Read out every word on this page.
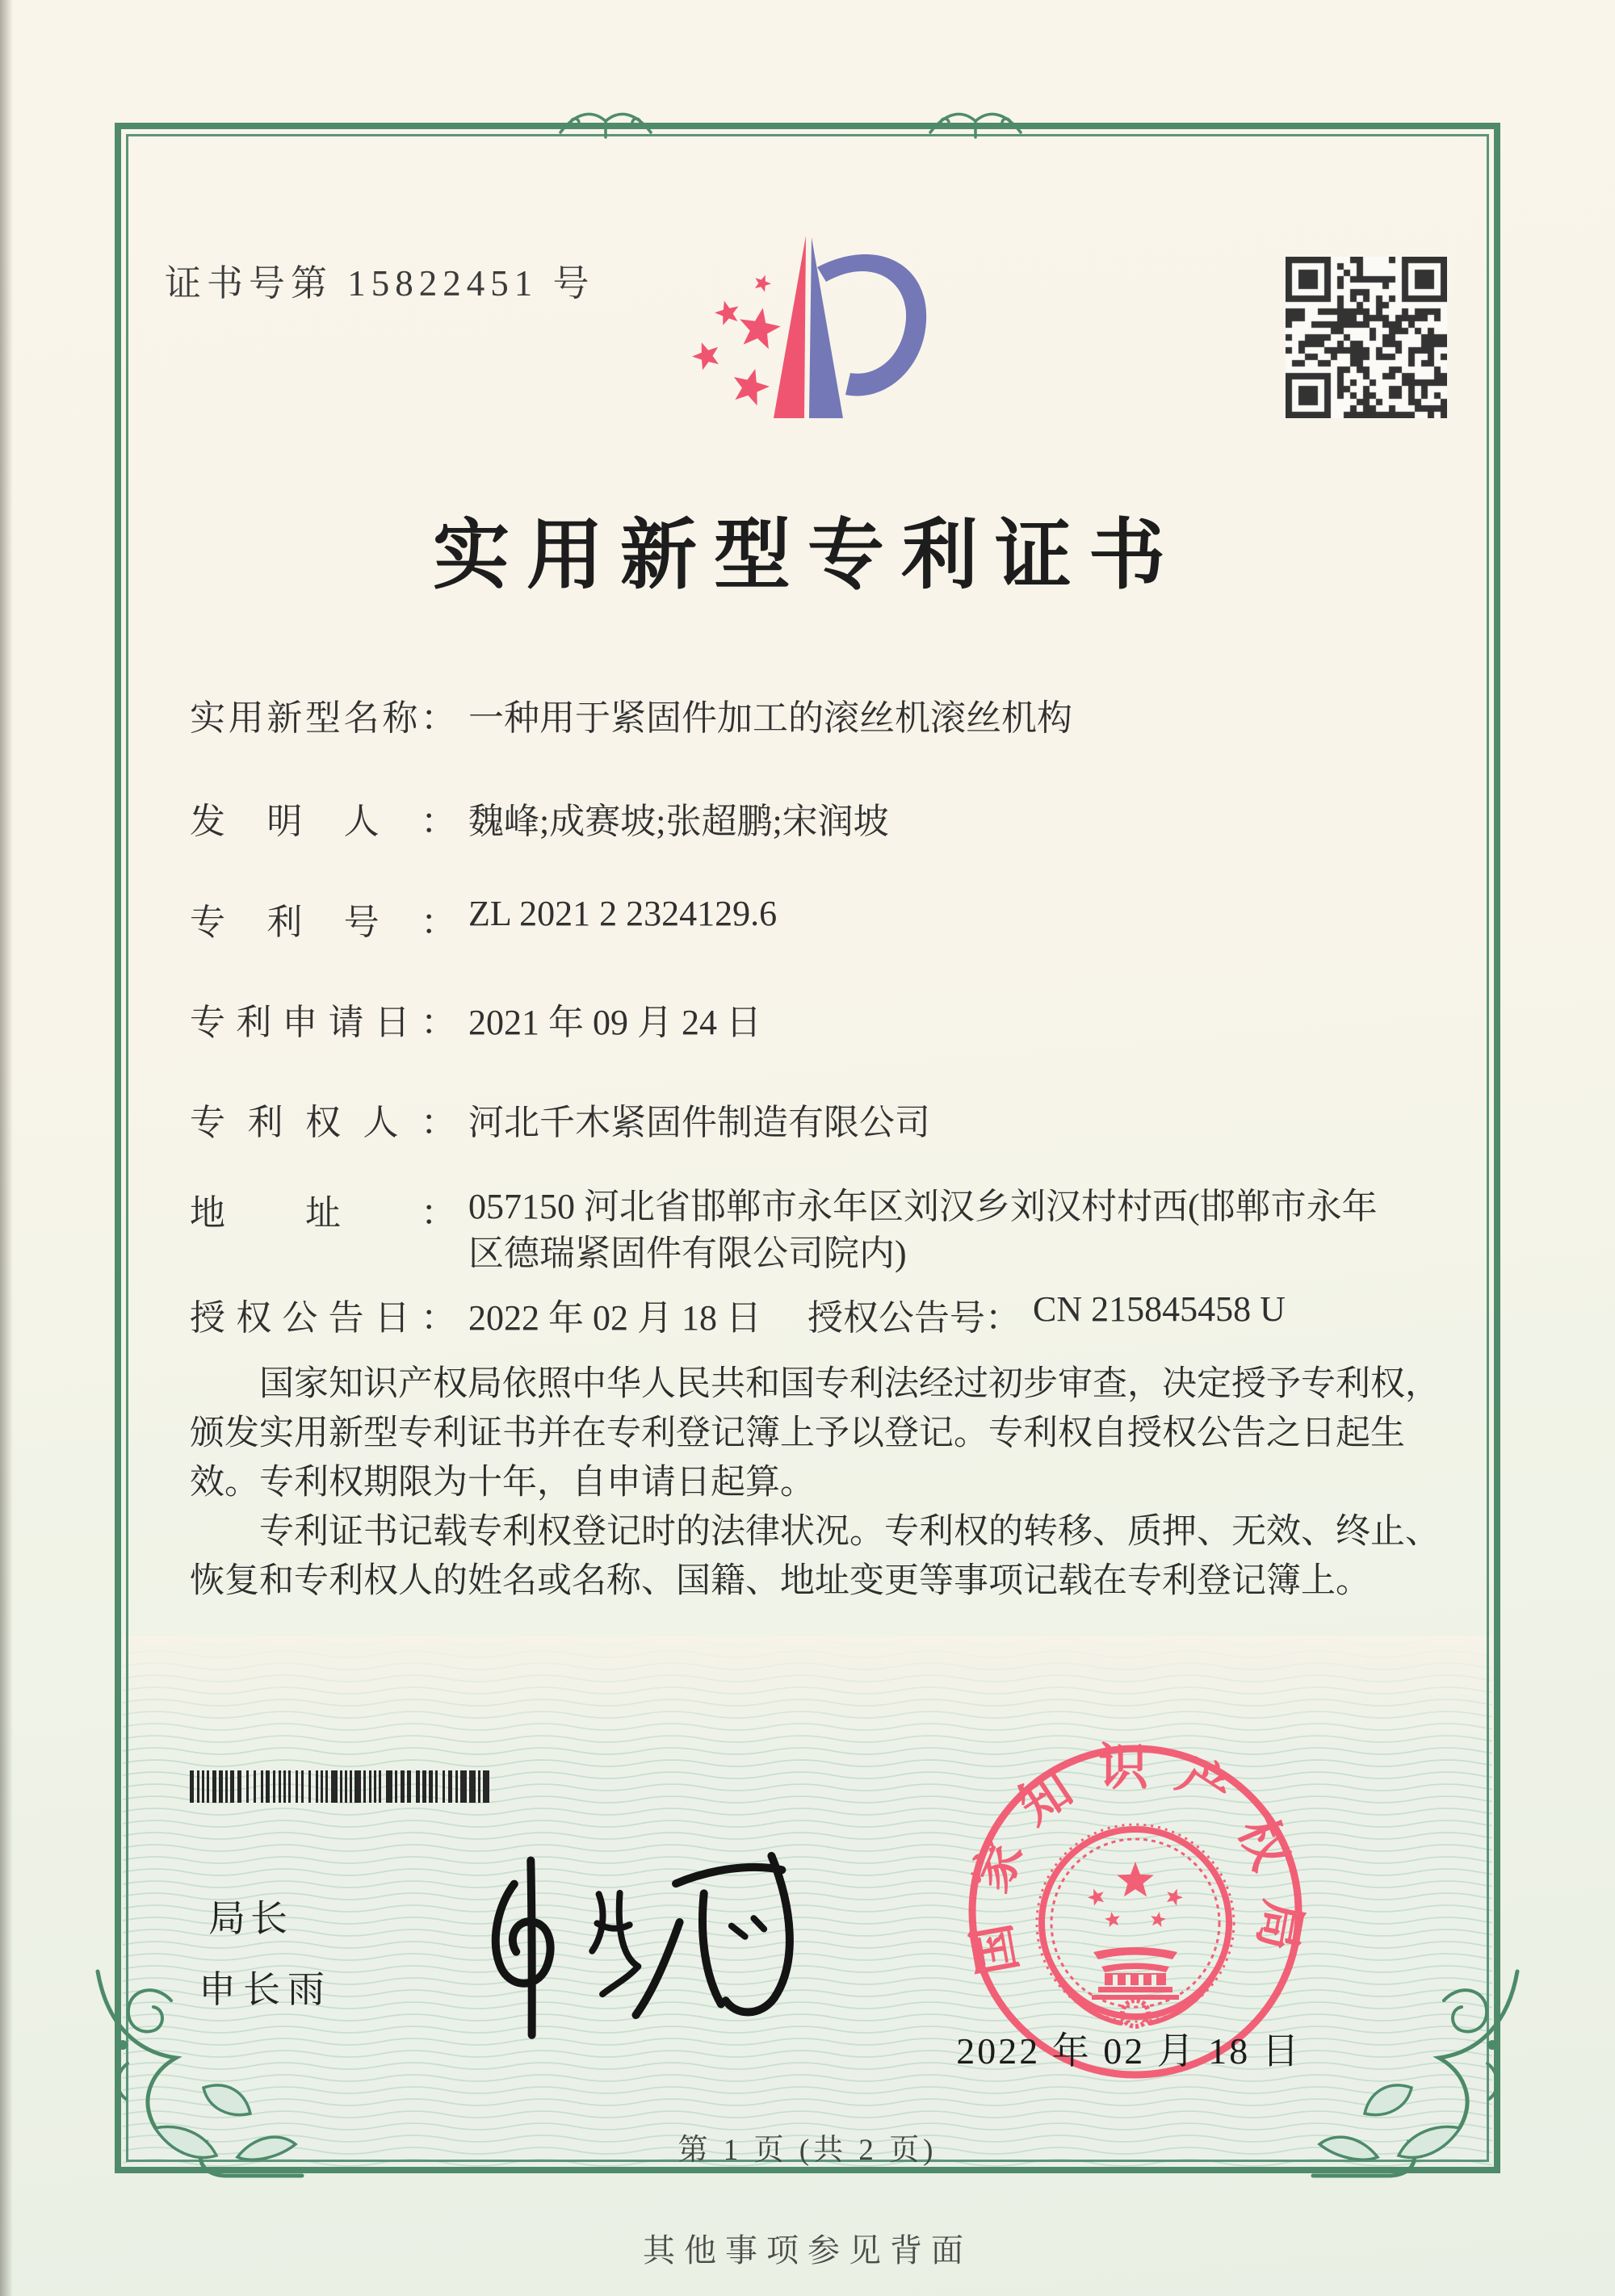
证书号第 15822451 号
实用新型专利证书
实用新型名称： 一种用于紧固件加工的滚丝机滚丝机构
发明人： 魏峰;成赛坡;张超鹏;宋润坡
专利号： ZL 2021 2 2324129.6
专利申请日： 2021 年 09 月 24 日
专利权人： 河北千木紧固件制造有限公司
地址： 057150 河北省邯郸市永年区刘汉乡刘汉村村西(邯郸市永年区德瑞紧固件有限公司院内)
授权公告日： 2022 年 02 月 18 日 授权公告号： CN 215845458 U

国家知识产权局依照中华人民共和国专利法经过初步审查，决定授予专利权，颁发实用新型专利证书并在专利登记簿上予以登记。专利权自授权公告之日起生效。专利权期限为十年，自申请日起算。

专利证书记载专利权登记时的法律状况。专利权的转移、质押、无效、终止、恢复和专利权人的姓名或名称、国籍、地址变更等事项记载在专利登记簿上。

局长
申长雨
国家知识产权局
2022 年 02 月 18 日
第 1 页 (共 2 页)
其他事项参见背面
